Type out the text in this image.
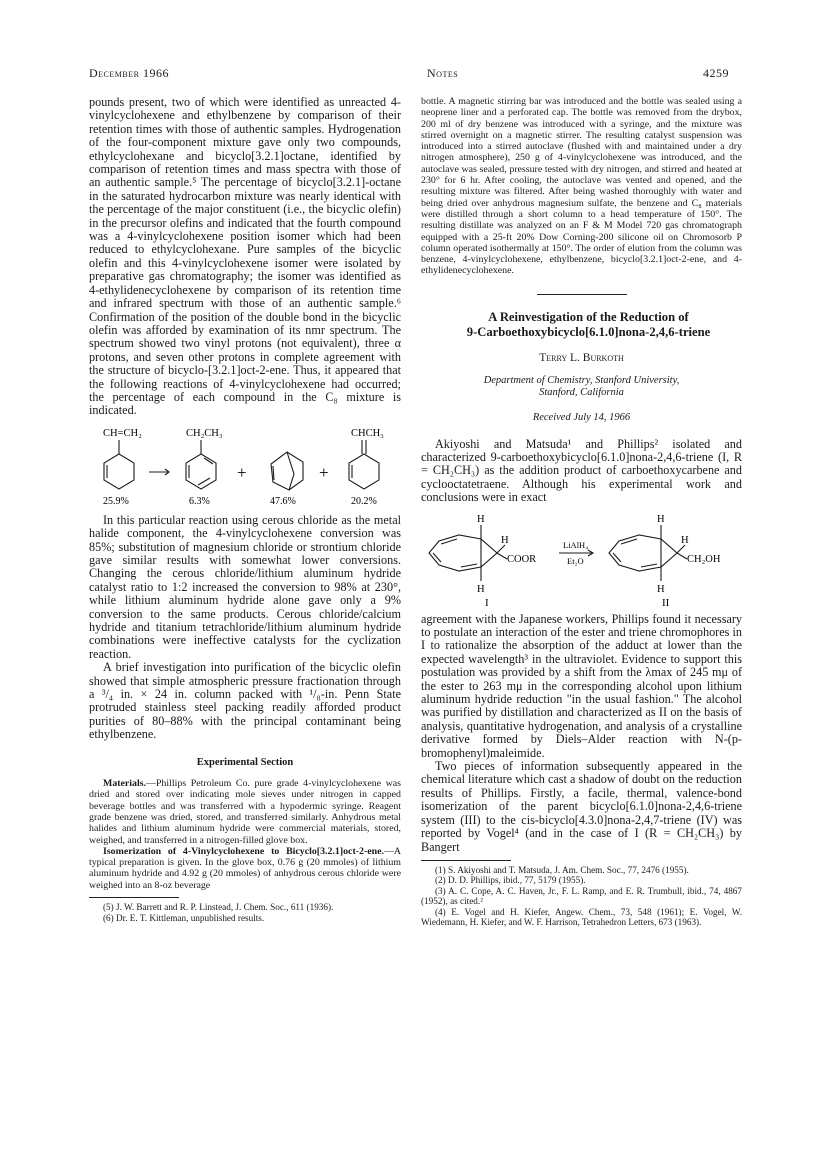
December 1966	Notes	4259

pounds present, two of which were identified as unreacted 4-vinylcyclohexene and ethylbenzene by comparison of their retention times with those of authentic samples. Hydrogenation of the four-component mixture gave only two compounds, ethylcyclohexane and bicyclo[3.2.1]octane, identified by comparison of retention times and mass spectra with those of an authentic sample.⁵ The percentage of bicyclo[3.2.1]-octane in the saturated hydrocarbon mixture was nearly identical with the percentage of the major constituent (i.e., the bicyclic olefin) in the precursor olefins and indicated that the fourth compound was a 4-vinylcyclohexene position isomer which had been reduced to ethylcyclohexane. Pure samples of the bicyclic olefin and this 4-vinylcyclohexene isomer were isolated by preparative gas chromatography; the isomer was identified as 4-ethylidenecyclohexene by comparison of its retention time and infrared spectrum with those of an authentic sample.⁶ Confirmation of the position of the double bond in the bicyclic olefin was afforded by examination of its nmr spectrum. The spectrum showed two vinyl protons (not equivalent), three α protons, and seven other protons in complete agreement with the structure of bicyclo-[3.2.1]oct-2-ene. Thus, it appeared that the following reactions of 4-vinylcyclohexene had occurred; the percentage of each compound in the C₈ mixture is indicated.

CH=CH₂	CH₂CH₃	CHCH₃
+	+
25.9%	6.3%	47.6%	20.2%

In this particular reaction using cerous chloride as the metal halide component, the 4-vinylcyclohexene conversion was 85%; substitution of magnesium chloride or strontium chloride gave similar results with somewhat lower conversions. Changing the cerous chloride/lithium aluminum hydride catalyst ratio to 1:2 increased the conversion to 98% at 230°, while lithium aluminum hydride alone gave only a 9% conversion to the same products. Cerous chloride/calcium hydride and titanium tetrachloride/lithium aluminum hydride combinations were ineffective catalysts for the cyclization reaction.

A brief investigation into purification of the bicyclic olefin showed that simple atmospheric pressure fractionation through a ³/₄ in. × 24 in. column packed with ¹/₈-in. Penn State protruded stainless steel packing readily afforded product purities of 80–88% with the principal contaminant being ethylbenzene.

Experimental Section

Materials.—Phillips Petroleum Co. pure grade 4-vinylcyclohexene was dried and stored over indicating mole sieves under nitrogen in capped beverage bottles and was transferred with a hypodermic syringe. Reagent grade benzene was dried, stored, and transferred similarly. Anhydrous metal halides and lithium aluminum hydride were commercial materials, stored, weighed, and transferred in a nitrogen-filled glove box.

Isomerization of 4-Vinylcyclohexene to Bicyclo[3.2.1]oct-2-ene.—A typical preparation is given. In the glove box, 0.76 g (20 mmoles) of lithium aluminum hydride and 4.92 g (20 mmoles) of anhydrous cerous chloride were weighed into an 8-oz beverage

(5) J. W. Barrett and R. P. Linstead, J. Chem. Soc., 611 (1936).

(6) Dr. E. T. Kittleman, unpublished results.

bottle. A magnetic stirring bar was introduced and the bottle was sealed using a neoprene liner and a perforated cap. The bottle was removed from the drybox, 200 ml of dry benzene was introduced with a syringe, and the mixture was stirred overnight on a magnetic stirrer. The resulting catalyst suspension was introduced into a stirred autoclave (flushed with and maintained under a dry nitrogen atmosphere), 250 g of 4-vinylcyclohexene was introduced, and the autoclave was sealed, pressure tested with dry nitrogen, and stirred and heated at 230° for 6 hr. After cooling, the autoclave was vented and opened, and the resulting mixture was filtered. After being washed thoroughly with water and being dried over anhydrous magnesium sulfate, the benzene and C₈ materials were distilled through a short column to a head temperature of 150°. The resulting distillate was analyzed on an F & M Model 720 gas chromatograph equipped with a 25-ft 20% Dow Corning-200 silicone oil on Chromosorb P column operated isothermally at 150°. The order of elution from the column was benzene, 4-vinylcyclohexene, ethylbenzene, bicyclo[3.2.1]oct-2-ene, and 4-ethylidenecyclohexene.

A Reinvestigation of the Reduction of

9-Carboethoxybicyclo[6.1.0]nona-2,4,6-triene

Terry L. Burkoth
Department of Chemistry, Stanford University,
Stanford, California
Received July 14, 1966

Akiyoshi and Matsuda¹ and Phillips² isolated and characterized 9-carboethoxybicyclo[6.1.0]nona-2,4,6-triene (I, R = CH₂CH₃) as the addition product of carboethoxycarbene and cyclooctatetraene. Although his experimental work and conclusions were in exact

H
H
COOR
H
LiAlH₄
Et₂O
H
H
CH₂OH
H
I	II

agreement with the Japanese workers, Phillips found it necessary to postulate an interaction of the ester and triene chromophores in I to rationalize the absorption of the adduct at lower than the expected wavelength³ in the ultraviolet. Evidence to support this postulation was provided by a shift from the λmax of 245 mμ of the ester to 263 mμ in the corresponding alcohol upon lithium aluminum hydride reduction "in the usual fashion." The alcohol was purified by distillation and characterized as II on the basis of analysis, quantitative hydrogenation, and analysis of a crystalline derivative formed by Diels–Alder reaction with N-(p-bromophenyl)maleimide.

Two pieces of information subsequently appeared in the chemical literature which cast a shadow of doubt on the reduction results of Phillips. Firstly, a facile, thermal, valence-bond isomerization of the parent bicyclo[6.1.0]nona-2,4,6-triene system (III) to the cis-bicyclo[4.3.0]nona-2,4,7-triene (IV) was reported by Vogel⁴ (and in the case of I (R = CH₂CH₃) by Bangert

(1) S. Akiyoshi and T. Matsuda, J. Am. Chem. Soc., 77, 2476 (1955).

(2) D. D. Phillips, ibid., 77, 5179 (1955).

(3) A. C. Cope, A. C. Haven, Jr., F. L. Ramp, and E. R. Trumbull, ibid., 74, 4867 (1952), as cited.²

(4) E. Vogel and H. Kiefer, Angew. Chem., 73, 548 (1961); E. Vogel, W. Wiedemann, H. Kiefer, and W. F. Harrison, Tetrahedron Letters, 673 (1963).
